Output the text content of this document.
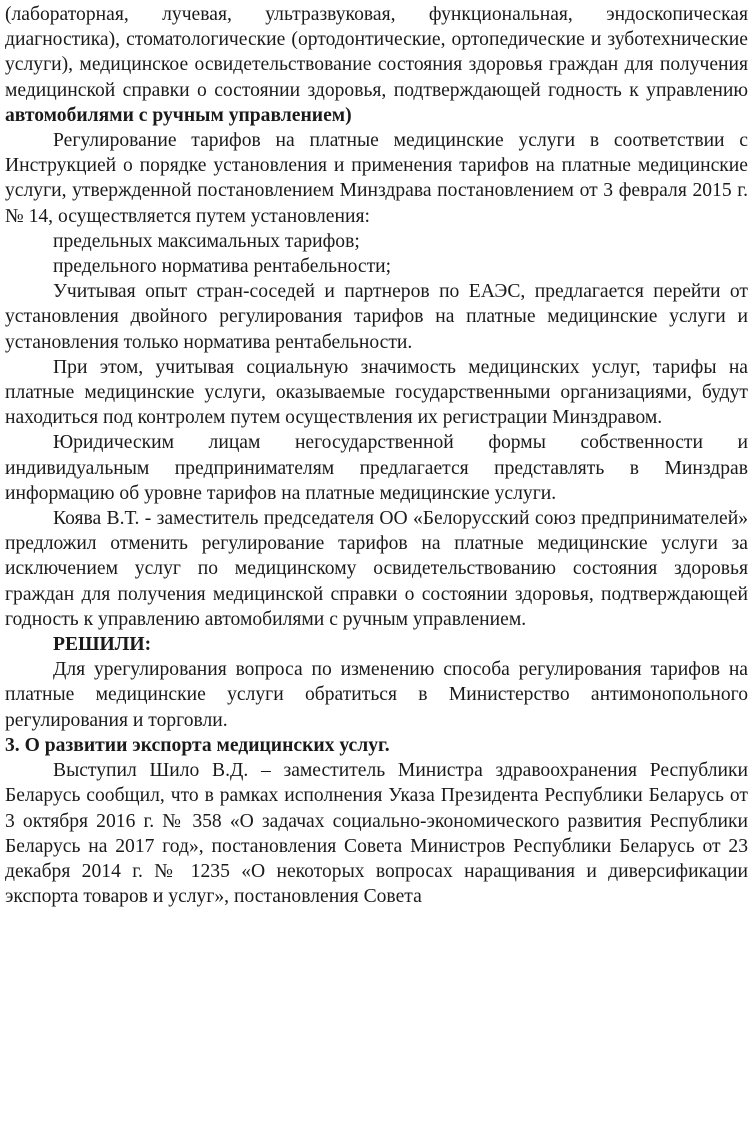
(лабораторная, лучевая, ультразвуковая, функциональная, эндоскопическая диагностика), стоматологические (ортодонтические, ортопедические и зуботехнические услуги), медицинское освидетельствование состояния здоровья граждан для получения медицинской справки о состоянии здоровья, подтверждающей годность к управлению автомобилями с ручным управлением)

Регулирование тарифов на платные медицинские услуги в соответствии с Инструкцией о порядке установления и применения тарифов на платные медицинские услуги, утвержденной постановлением Минздрава постановлением от 3 февраля 2015 г. № 14, осуществляется путем установления:

предельных максимальных тарифов;

предельного норматива рентабельности;

Учитывая опыт стран-соседей и партнеров по ЕАЭС, предлагается перейти от установления двойного регулирования тарифов на платные медицинские услуги и установления только норматива рентабельности.

При этом, учитывая социальную значимость медицинских услуг, тарифы на платные медицинские услуги, оказываемые государственными организациями, будут находиться под контролем путем осуществления их регистрации Минздравом.

Юридическим лицам негосударственной формы собственности и индивидуальным предпринимателям предлагается представлять в Минздрав информацию об уровне тарифов на платные медицинские услуги.

Коява В.Т. - заместитель председателя ОО «Белорусский союз предпринимателей» предложил отменить регулирование тарифов на платные медицинские услуги за исключением услуг по медицинскому освидетельствованию состояния здоровья граждан для получения медицинской справки о состоянии здоровья, подтверждающей годность к управлению автомобилями с ручным управлением.

РЕШИЛИ:

Для урегулирования вопроса по изменению способа регулирования тарифов на платные медицинские услуги обратиться в Министерство антимонопольного регулирования и торговли.

3. О развитии экспорта медицинских услуг.

Выступил Шило В.Д. – заместитель Министра здравоохранения Республики Беларусь сообщил, что в рамках исполнения Указа Президента Республики Беларусь от 3 октября 2016 г. № 358 «О задачах социально-экономического развития Республики Беларусь на 2017 год», постановления Совета Министров Республики Беларусь от 23 декабря 2014 г. № 1235 «О некоторых вопросах наращивания и диверсификации экспорта товаров и услуг», постановления Совета
